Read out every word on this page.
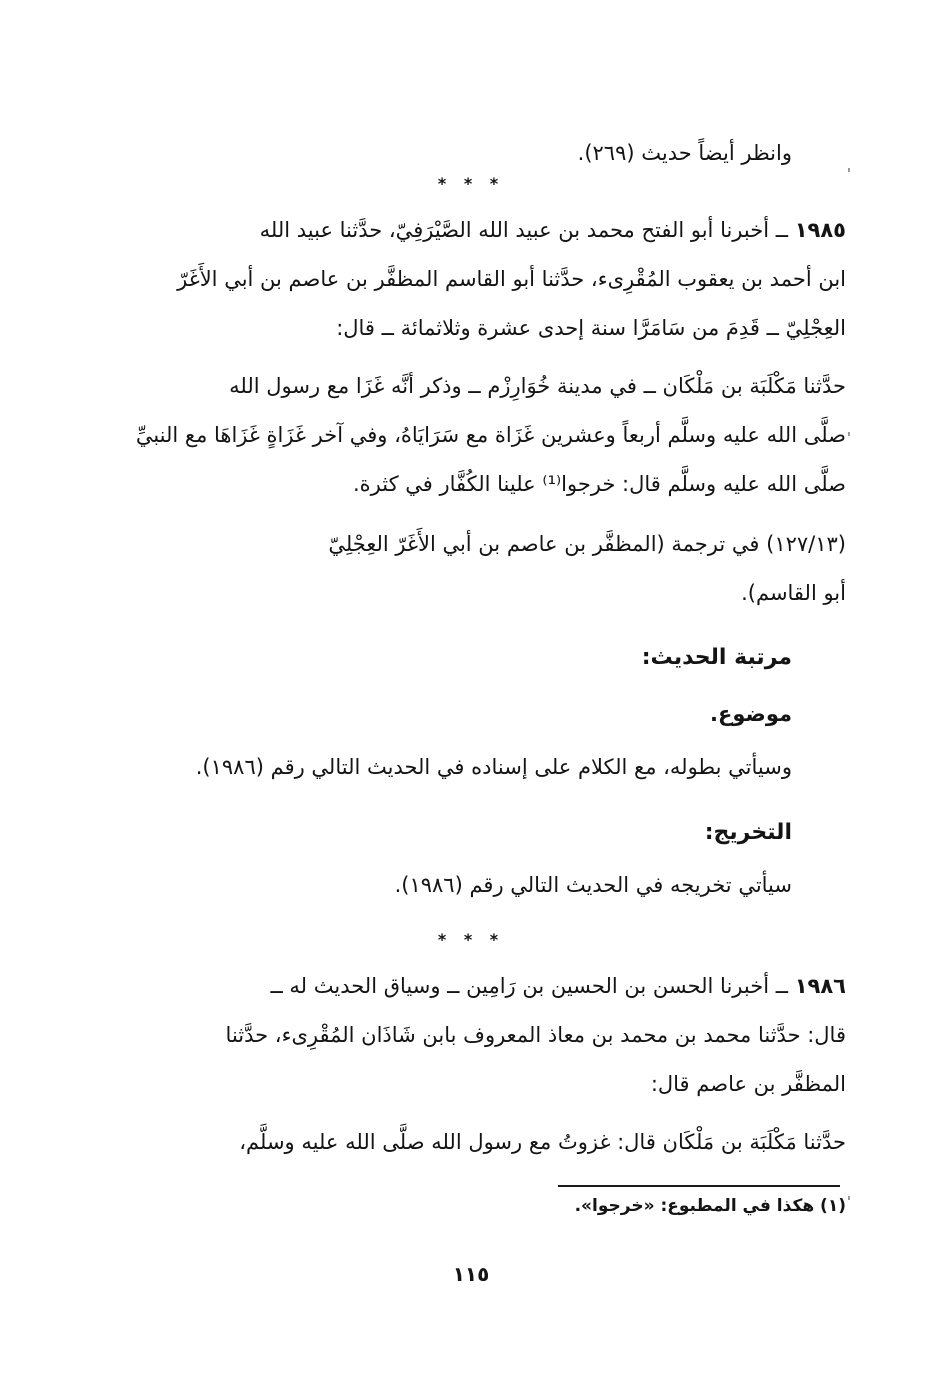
وانظر أيضاً حديث (٢٦٩).

* * *
١٩٨٥ ــ أخبرنا أبو الفتح محمد بن عبيد الله الصَّيْرَفِيّ، حدَّثنا عبيد الله
ابن أحمد بن يعقوب المُقْرِىء، حدَّثنا أبو القاسم المظفَّر بن عاصم بن أبي الأَغَرّ
العِجْلِيّ ــ قَدِمَ من سَامَرَّا سنة إحدى عشرة وثلاثمائة ــ قال:
حدَّثنا مَكْلَبَة بن مَلْكَان ــ في مدينة خُوَارِزْم ــ وذكر أنَّه غَزَا مع رسول الله
صلَّى الله عليه وسلَّم أربعاً وعشرين غَزَاة مع سَرَايَاهُ، وفي آخر غَزَاةٍ غَزَاهَا مع النبيِّ
صلَّى الله عليه وسلَّم قال: خرجوا⁽¹⁾ علينا الكُفَّار في كثرة.
(١٢٧/١٣) في ترجمة (المظفَّر بن عاصم بن أبي الأَغَرّ العِجْلِيّ
أبو القاسم).
مرتبة الحديث:
موضوع.
وسيأتي بطوله، مع الكلام على إسناده في الحديث التالي رقم (١٩٨٦).
التخريج:
سيأتي تخريجه في الحديث التالي رقم (١٩٨٦).
* * *
١٩٨٦ ــ أخبرنا الحسن بن الحسين بن رَامِين ــ وسياق الحديث له ــ
قال: حدَّثنا محمد بن محمد بن معاذ المعروف بابن شَاذَان المُقْرِىء، حدَّثنا
المظفَّر بن عاصم قال:
حدَّثنا مَكْلَبَة بن مَلْكَان قال: غزوتُ مع رسول الله صلَّى الله عليه وسلَّم،
(١) هكذا في المطبوع: «خرجوا».
١١٥
